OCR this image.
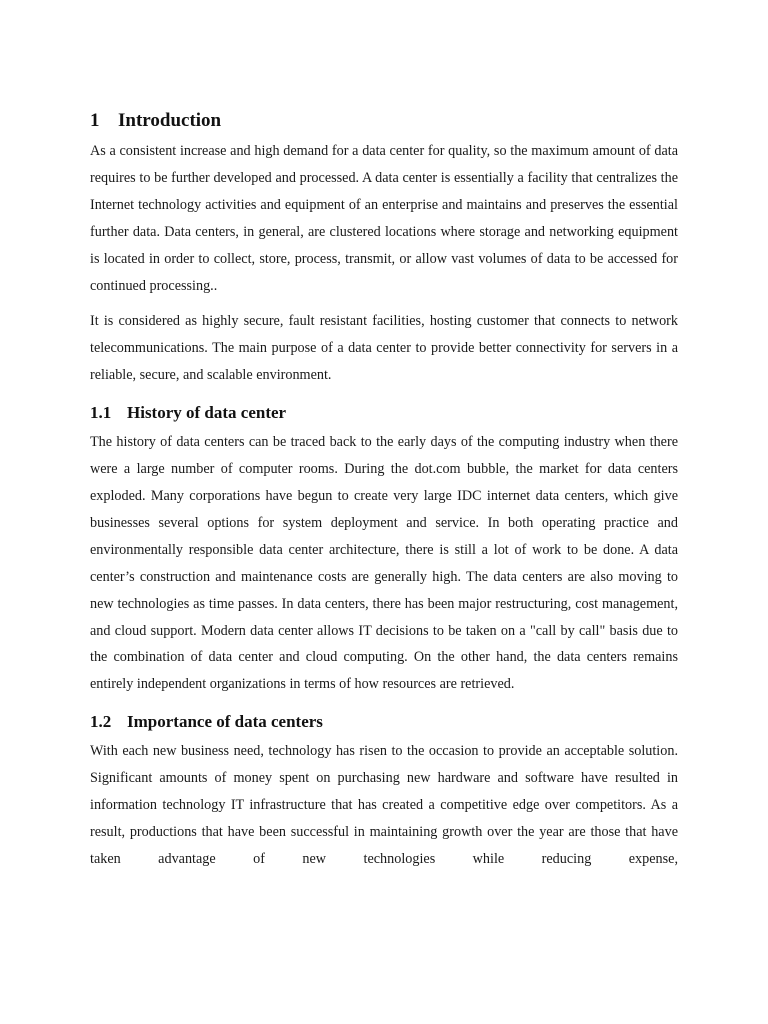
1 Introduction

As a consistent increase and high demand for a data center for quality, so the maximum amount of data requires to be further developed and processed. A data center is essentially a facility that centralizes the Internet technology activities and equipment of an enterprise and maintains and preserves the essential further data. Data centers, in general, are clustered locations where storage and networking equipment is located in order to collect, store, process, transmit, or allow vast volumes of data to be accessed for continued processing..

It is considered as highly secure, fault resistant facilities, hosting customer that connects to network telecommunications. The main purpose of a data center to provide better connectivity for servers in a reliable, secure, and scalable environment.

1.1 History of data center

The history of data centers can be traced back to the early days of the computing industry when there were a large number of computer rooms. During the dot.com bubble, the market for data centers exploded. Many corporations have begun to create very large IDC internet data centers, which give businesses several options for system deployment and service. In both operating practice and environmentally responsible data center architecture, there is still a lot of work to be done. A data center’s construction and maintenance costs are generally high. The data centers are also moving to new technologies as time passes. In data centers, there has been major restructuring, cost management, and cloud support. Modern data center allows IT decisions to be taken on a "call by call" basis due to the combination of data center and cloud computing. On the other hand, the data centers remains entirely independent organizations in terms of how resources are retrieved.

1.2 Importance of data centers

With each new business need, technology has risen to the occasion to provide an acceptable solution. Significant amounts of money spent on purchasing new hardware and software have resulted in information technology IT infrastructure that has created a competitive edge over competitors. As a result, productions that have been successful in maintaining growth over the year are those that have taken advantage of new technologies while reducing expense,
